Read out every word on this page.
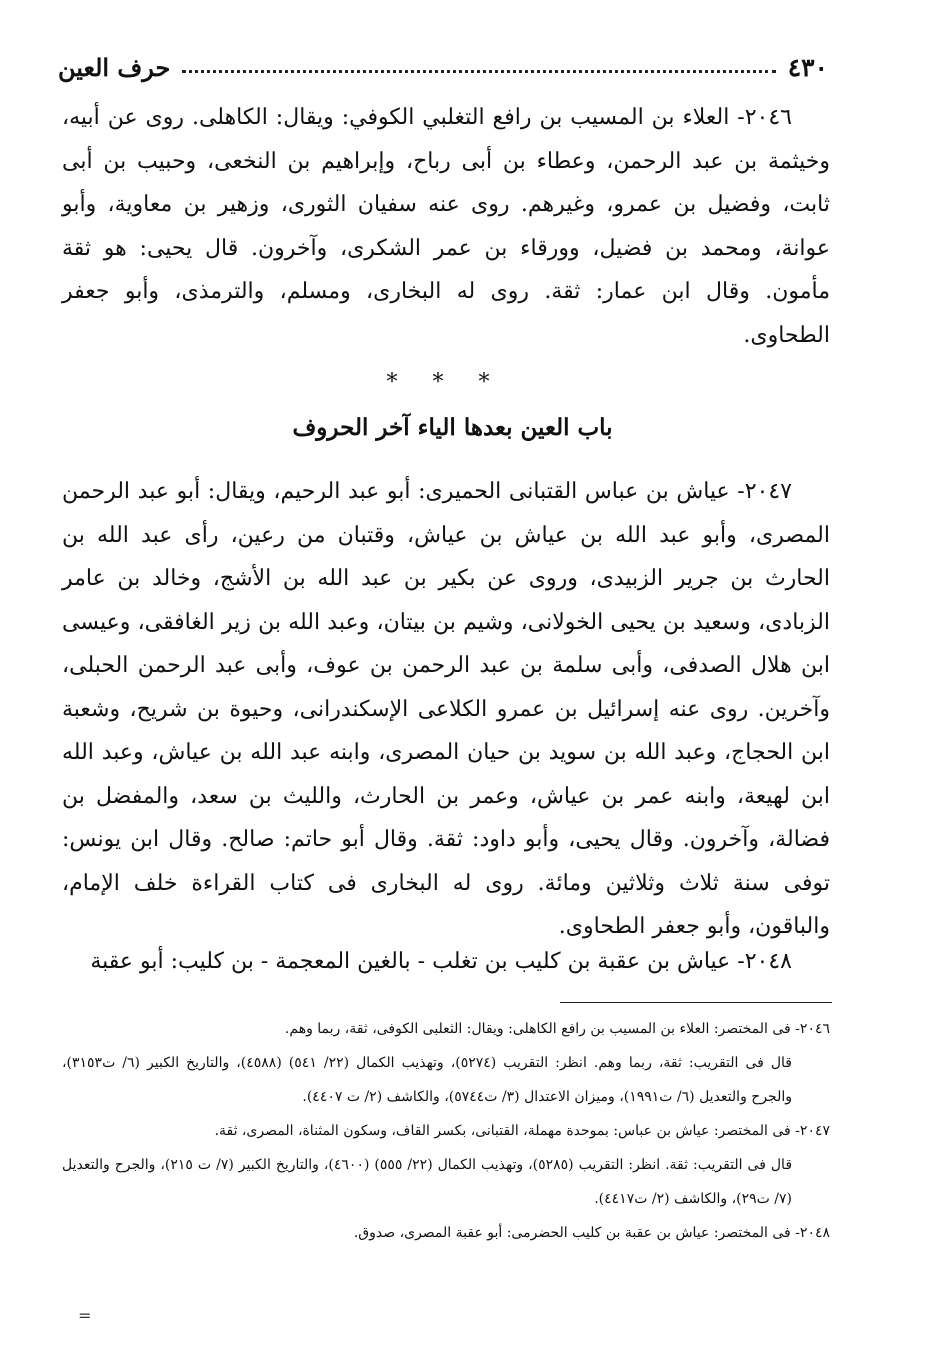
٤٣٠
حرف العين

٢٠٤٦- العلاء بن المسيب بن رافع التغلبي الكوفي: ويقال: الكاهلى. روى عن أبيه، وخيثمة بن عبد الرحمن، وعطاء بن أبى رباح، وإبراهيم بن النخعى، وحبيب بن أبى ثابت، وفضيل بن عمرو، وغيرهم. روى عنه سفيان الثورى، وزهير بن معاوية، وأبو عوانة، ومحمد بن فضيل، وورقاء بن عمر الشكرى، وآخرون. قال يحيى: هو ثقة مأمون. وقال ابن عمار: ثقة. روى له البخارى، ومسلم، والترمذى، وأبو جعفر الطحاوى.

* * *
باب العين بعدها الياء آخر الحروف

٢٠٤٧- عياش بن عباس القتبانى الحميرى: أبو عبد الرحيم، ويقال: أبو عبد الرحمن المصرى، وأبو عبد الله بن عياش بن عياش، وقتبان من رعين، رأى عبد الله بن الحارث بن جرير الزبيدى، وروى عن بكير بن عبد الله بن الأشج، وخالد بن عامر الزبادى، وسعيد بن يحيى الخولانى، وشيم بن بيتان، وعبد الله بن زير الغافقى، وعيسى ابن هلال الصدفى، وأبى سلمة بن عبد الرحمن بن عوف، وأبى عبد الرحمن الحبلى، وآخرين. روى عنه إسرائيل بن عمرو الكلاعى الإسكندرانى، وحيوة بن شريح، وشعبة ابن الحجاج، وعبد الله بن سويد بن حيان المصرى، وابنه عبد الله بن عياش، وعبد الله ابن لهيعة، وابنه عمر بن عياش، وعمر بن الحارث، والليث بن سعد، والمفضل بن فضالة، وآخرون. وقال يحيى، وأبو داود: ثقة. وقال أبو حاتم: صالح. وقال ابن يونس: توفى سنة ثلاث وثلاثين ومائة. روى له البخارى فى كتاب القراءة خلف الإمام، والباقون، وأبو جعفر الطحاوى.

٢٠٤٨- عياش بن عقبة بن كليب بن تغلب - بالغين المعجمة - بن كليب: أبو عقبة
٢٠٤٦- فى المختصر: العلاء بن المسيب بن رافع الكاهلى: ويقال: الثعلبى الكوفى، ثقة، ربما وهم.
قال فى التقريب: ثقة، ربما وهم. انظر: التقريب (٥٢٧٤)، وتهذيب الكمال (٢٢/ ٥٤١) (٤٥٨٨)، والتاريخ الكبير (٦/ ت٣١٥٣)، والجرح والتعديل (٦/ ت١٩٩١)، وميزان الاعتدال (٣/ ت٥٧٤٤)، والكاشف (٢/ ت ٤٤٠٧).
٢٠٤٧- فى المختصر: عياش بن عباس: بموحدة مهملة، القتبانى، بكسر القاف، وسكون المثناة، المصرى، ثقة.
قال فى التقريب: ثقة. انظر: التقريب (٥٢٨٥)، وتهذيب الكمال (٢٢/ ٥٥٥) (٤٦٠٠)، والتاريخ الكبير (٧/ ت ٢١٥)، والجرح والتعديل (٧/ ت٢٩)، والكاشف (٢/ ت٤٤١٧).
٢٠٤٨- فى المختصر: عياش بن عقبة بن كليب الحضرمى: أبو عقبة المصرى، صدوق.
=
